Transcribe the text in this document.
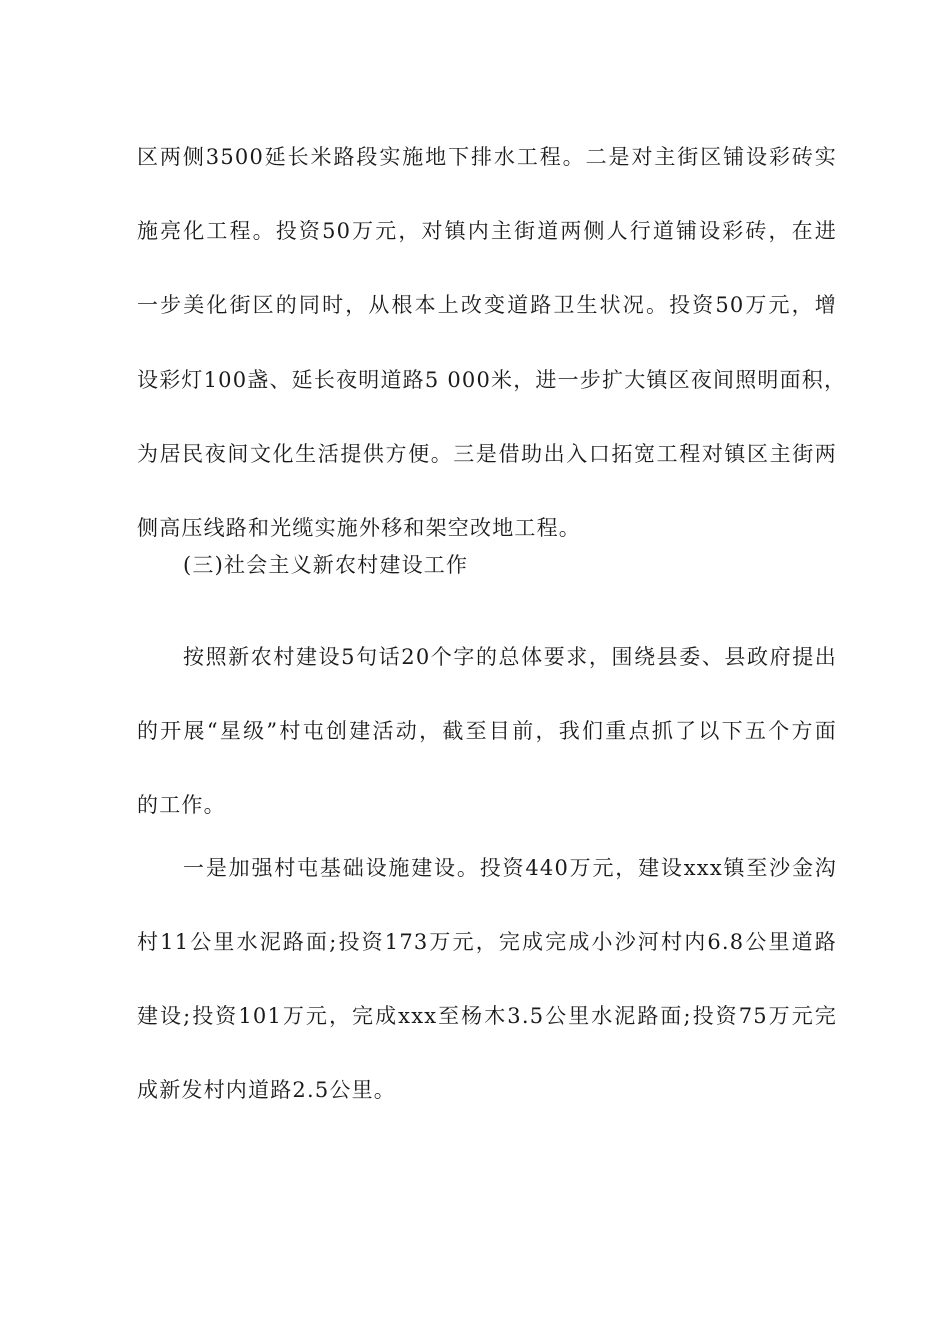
区两侧3500延长米路段实施地下排水工程。二是对主街区铺设彩砖实
施亮化工程。投资50万元，对镇内主街道两侧人行道铺设彩砖，在进
一步美化街区的同时，从根本上改变道路卫生状况。投资50万元，增
设彩灯100盏、延长夜明道路5 000米，进一步扩大镇区夜间照明面积，
为居民夜间文化生活提供方便。三是借助出入口拓宽工程对镇区主街两
侧高压线路和光缆实施外移和架空改地工程。
(三)社会主义新农村建设工作
按照新农村建设5句话20个字的总体要求，围绕县委、县政府提出
的开展“星级”村屯创建活动，截至目前，我们重点抓了以下五个方面
的工作。
一是加强村屯基础设施建设。投资440万元，建设xxx镇至沙金沟
村11公里水泥路面;投资173万元，完成完成小沙河村内6.8公里道路
建设;投资101万元，完成xxx至杨木3.5公里水泥路面;投资75万元完
成新发村内道路2.5公里。
